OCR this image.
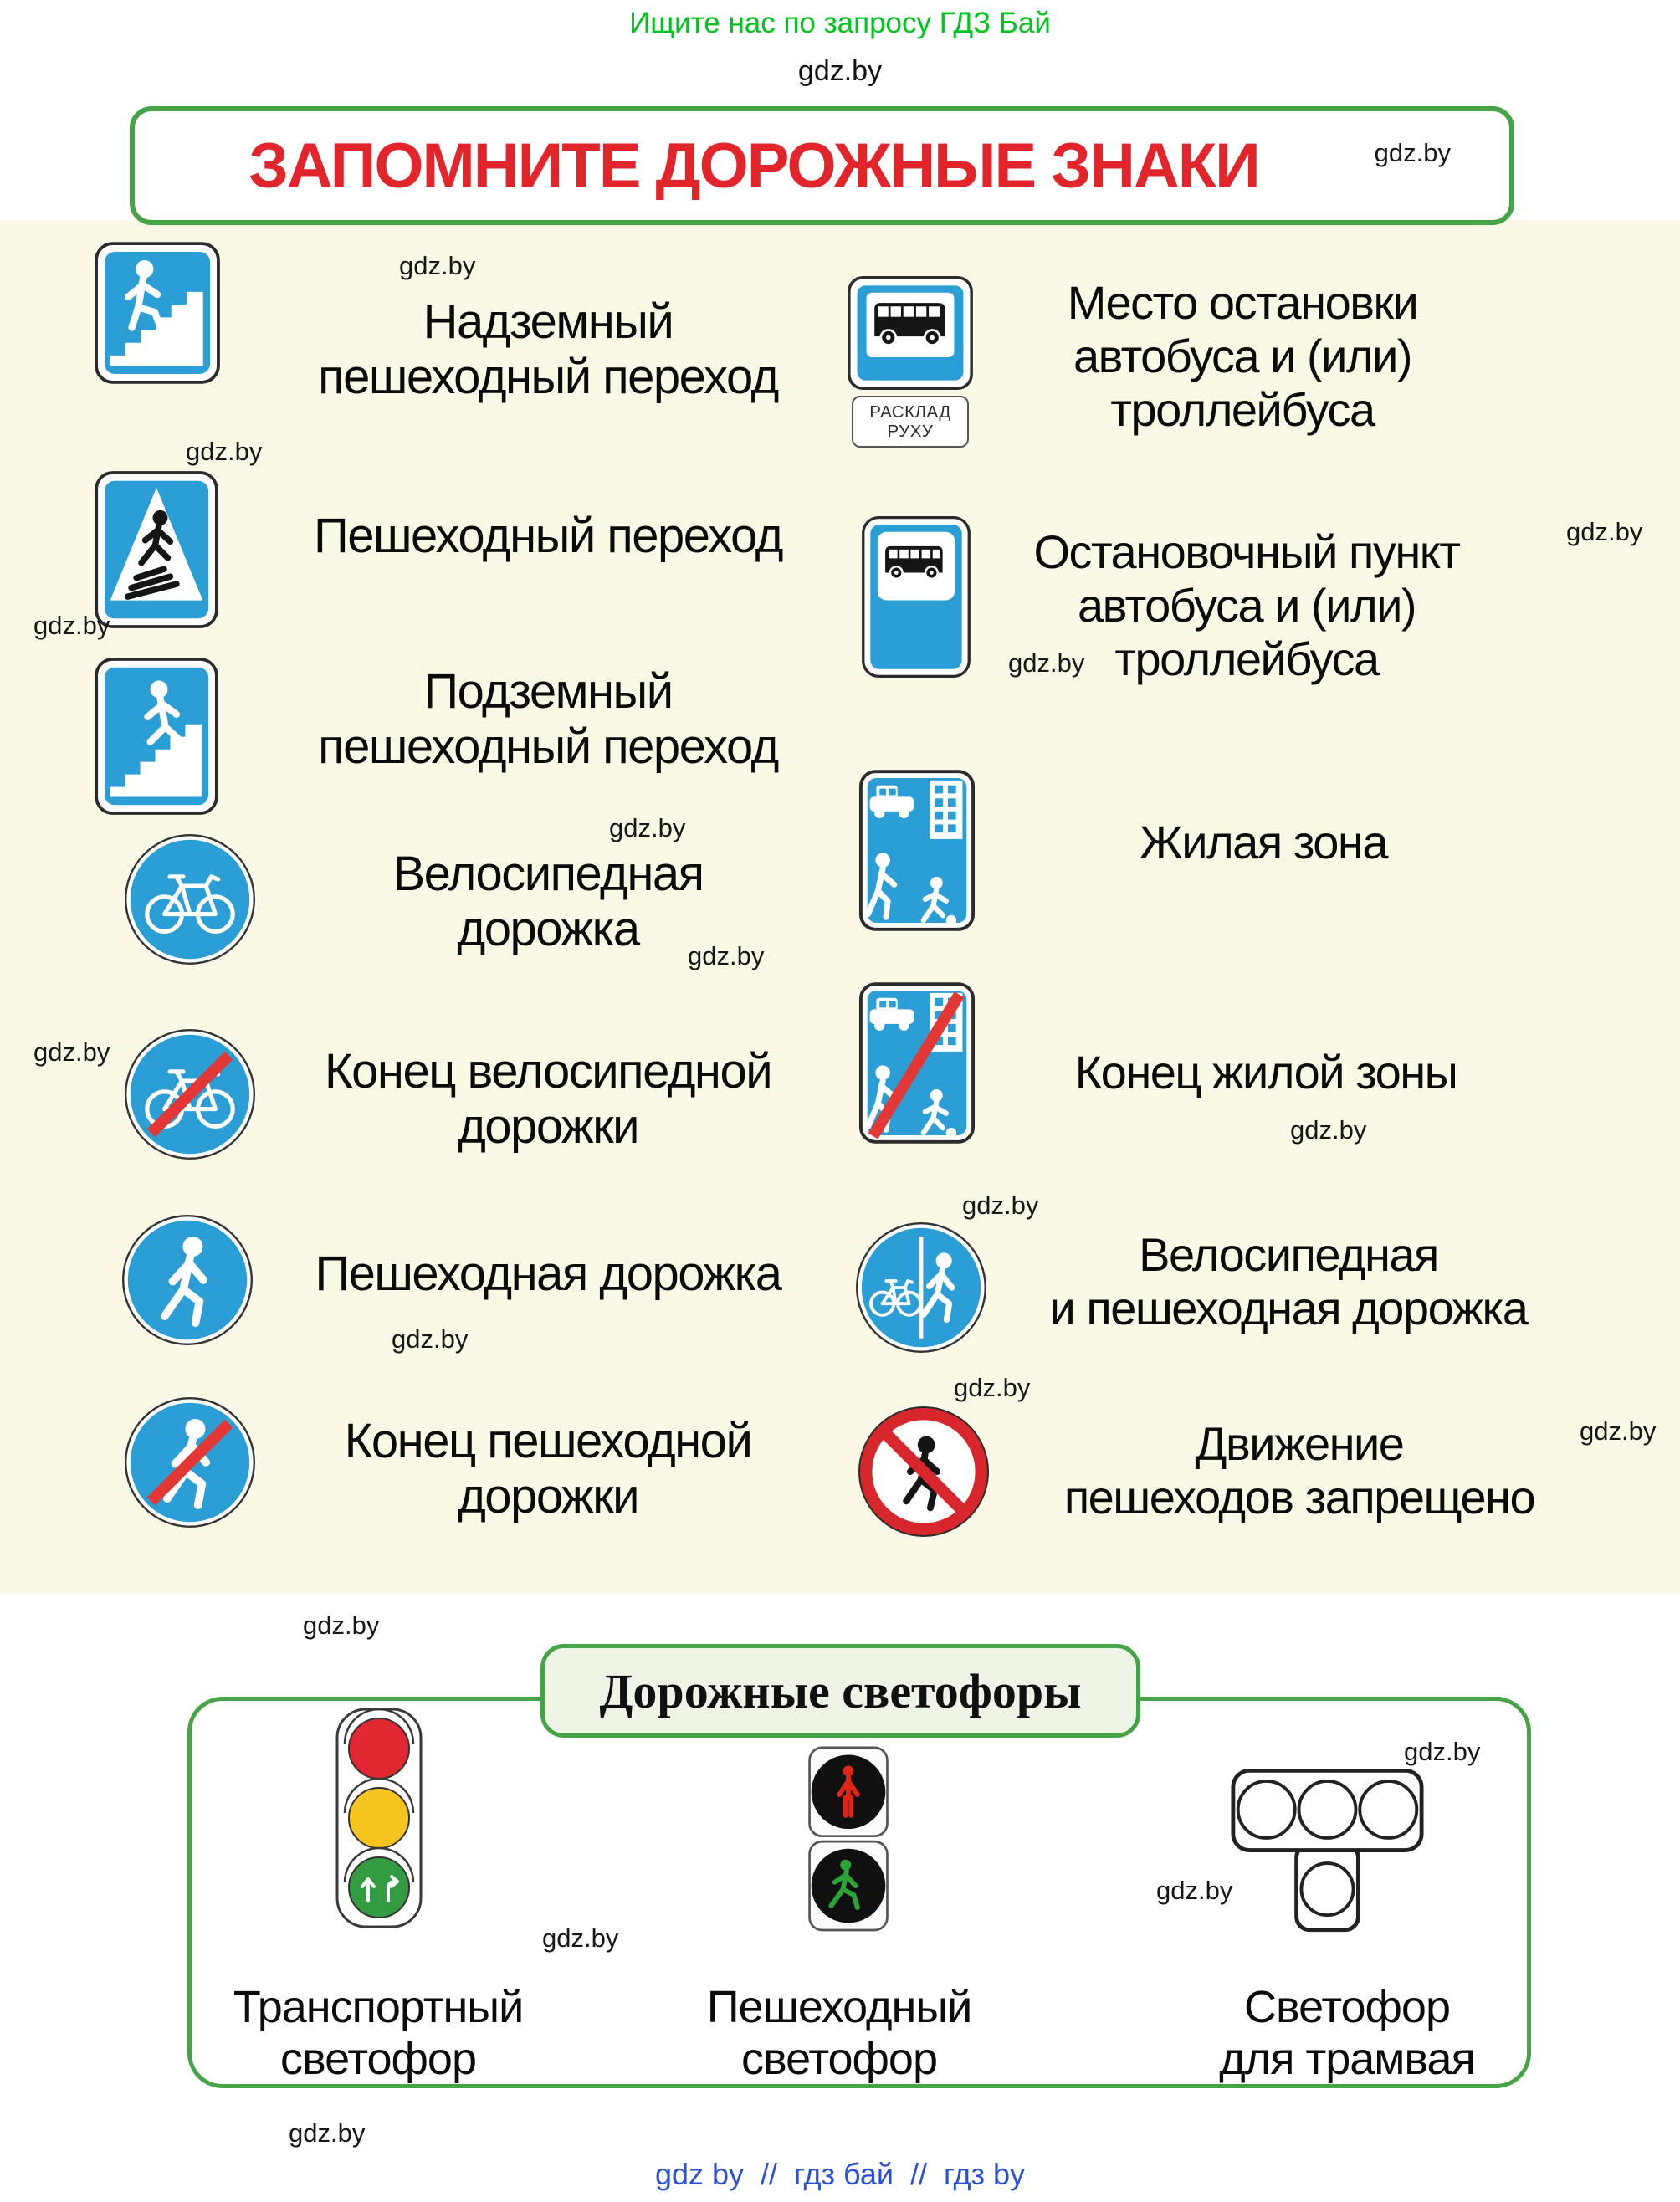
Ищите нас по запросу ГДЗ Бай
gdz.by
ЗАПОМНИТЕ ДОРОЖНЫЕ ЗНАКИ	gdz.by
gdz.by
Надземный
пешеходный переход
gdz.by
Пешеходный переход
gdz.by
Подземный
пешеходный переход
gdz.by
Велосипедная
дорожка	gdz.by
gdz.by	Конец велосипедной
дорожки
Пешеходная дорожка
gdz.by
Конец пешеходной
дорожки
РАСКЛАД
РУХУ
Место остановки
автобуса и (или)
троллейбуса
gdz.by
Остановочный пункт
автобуса и (или)
троллейбуса
gdz.by
Жилая зона
Конец жилой зоны
gdz.by
gdz.by
Велосипедная
и пешеходная дорожка
gdz.by
Движение
пешеходов запрещено
gdz.by
gdz.by
Дорожные светофоры
gdz.by
gdz.by
Транспортный
светофор
Пешеходный
светофор
gdz.by
Светофор
для трамвая
gdz.by
gdz by  //  гдз бай  //  гдз by
